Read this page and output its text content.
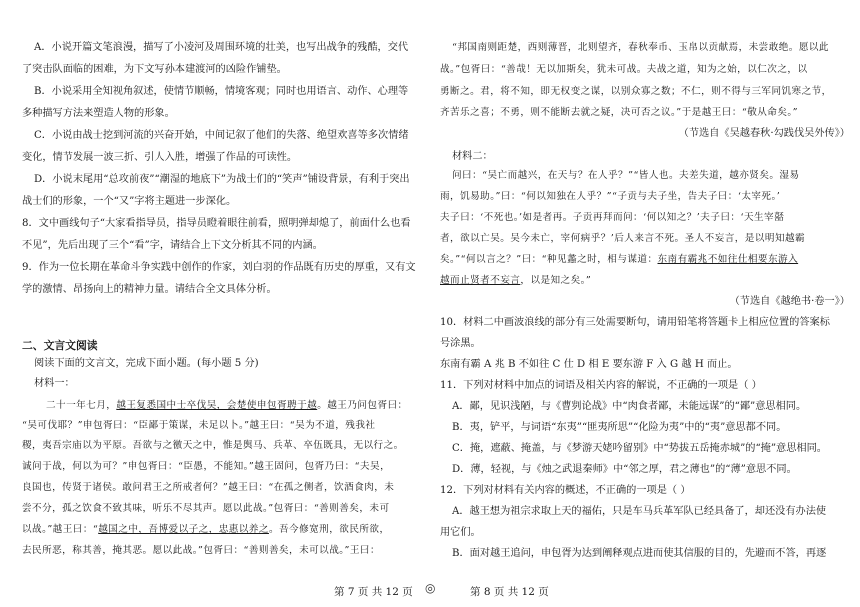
A．小说开篇文笔浪漫，描写了小凌河及周围环境的壮美，也写出战争的残酷，交代
了突击队面临的困难，为下文写孙本建渡河的凶险作铺垫。
B．小说采用全知视角叙述，使情节顺畅，情境客观；同时也用语言、动作、心理等
多种描写方法来塑造人物的形象。
C．小说由战士挖到河流的兴奋开始，中间记叙了他们的失落、绝望欢喜等多次情绪
变化，情节发展一波三折、引人入胜，增强了作品的可读性。
D．小说末尾用“总攻前夜”“潮湿的地底下”为战士们的“笑声”铺设背景，有利于突出
战士们的形象，一个“又”字将主题进一步深化。
8．文中画线句子“大家看指导员，指导员瞪着眼往前看，照明弹却熄了，前面什么也看
不见”，先后出现了三个“看”字，请结合上下文分析其不同的内涵。
9．作为一位长期在革命斗争实践中创作的作家，刘白羽的作品既有历史的厚重，又有文
学的激情、昂扬向上的精神力量。请结合全文具体分析。
二、文言文阅读
阅读下面的文言文，完成下面小题。(每小题 5 分)
材料一：
二十一年七月，越王复悉国中士卒伐吴，会楚使申包胥聘于越。越王乃问包胥曰：
“吴可伐耶？”申包胥曰：“臣鄙于策谋，未足以卜。”越王曰：“吴为不道，残我社
稷，夷吾宗庙以为平原。吾欲与之徼天之中，惟是舆马、兵革、卒伍既具，无以行之。
诚问于战，何以为可？”申包胥曰：“臣愚，不能知。”越王固问，包胥乃曰：“夫吴，
良国也，传贤于诸侯。敢问君王之所戒者何？”越王曰：“在孤之侧者，饮酒食肉，未
尝不分，孤之饮食不致其味，听乐不尽其声。愿以此战。”包胥曰：“善则善矣，未可
以战。”越王曰：“越国之中，吾博爱以子之，忠惠以养之。吾今修宽刑，欲民所欲，
去民所恶，称其善，掩其恶。愿以此战。”包胥曰：“善则善矣，未可以战。”王曰：
“邦国南则距楚，西则薄晋，北则望齐，春秋奉币、玉帛以贡献焉，未尝敢绝。愿以此
战。”包胥曰：“善哉！无以加斯矣，犹未可战。夫战之道，知为之始，以仁次之，以
勇断之。君，将不知，即无权变之谋，以别众寡之数；不仁，则不得与三军同饥寒之节，
齐苦乐之喜；不勇，则不能断去就之疑，决可否之议。”于是越王曰：“敬从命矣。”
（节选自《吴越春秋·勾践伐吴外传》）
材料二：
问曰：“吴亡而越兴，在天与？在人乎？”“皆人也。夫差失道，越亦贤矣。湿易
雨，饥易助。”曰：“何以知独在人乎？”“子贡与夫子坐，告夫子曰：‘太宰死。’
夫子曰：‘不死也。’如是者再。子贡再拜而问：‘何以知之？’夫子曰：‘天生宰嚭
者，欲以亡吴。吴今未亡，宰何病乎？’后人来言不死。圣人不妄言，是以明知越霸
矣。”“何以言之？”曰：“种见蠡之时，相与谋道：东南有霸兆不如往仕相要东游入
越而止贤者不妄言，以是知之矣。”
（节选自《越绝书·卷一》）
10．材料二中画波浪线的部分有三处需要断句，请用铅笔将答题卡上相应位置的答案标
号涂黑。
东南有霸 A 兆 B 不如往 C 仕 D 相 E 要东游 F 入 G 越 H 而止。
11．下列对材料中加点的词语及相关内容的解说，不正确的一项是（ ）
A．鄙，见识浅陋，与《曹刿论战》中“肉食者鄙，未能远谋”的“鄙”意思相同。
B．夷，铲平，与词语“东夷”“匪夷所思”“化险为夷”中的“夷”意思都不同。
C．掩，遮蔽、掩盖，与《梦游天姥吟留别》中“势拔五岳掩赤城”的“掩”意思相同。
D．薄，轻视，与《烛之武退秦师》中“邻之厚，君之薄也”的“薄”意思不同。
12．下列对材料有关内容的概述，不正确的一项是（ ）
A．越王想为祖宗求取上天的福佑，只是车马兵革军队已经具备了，却还没有办法使
用它们。
B．面对越王追问，申包胥为达到阐释观点进而使其信服的目的，先避而不答，再逐
第 7 页 共 12 页 ◎	第 8 页 共 12 页
